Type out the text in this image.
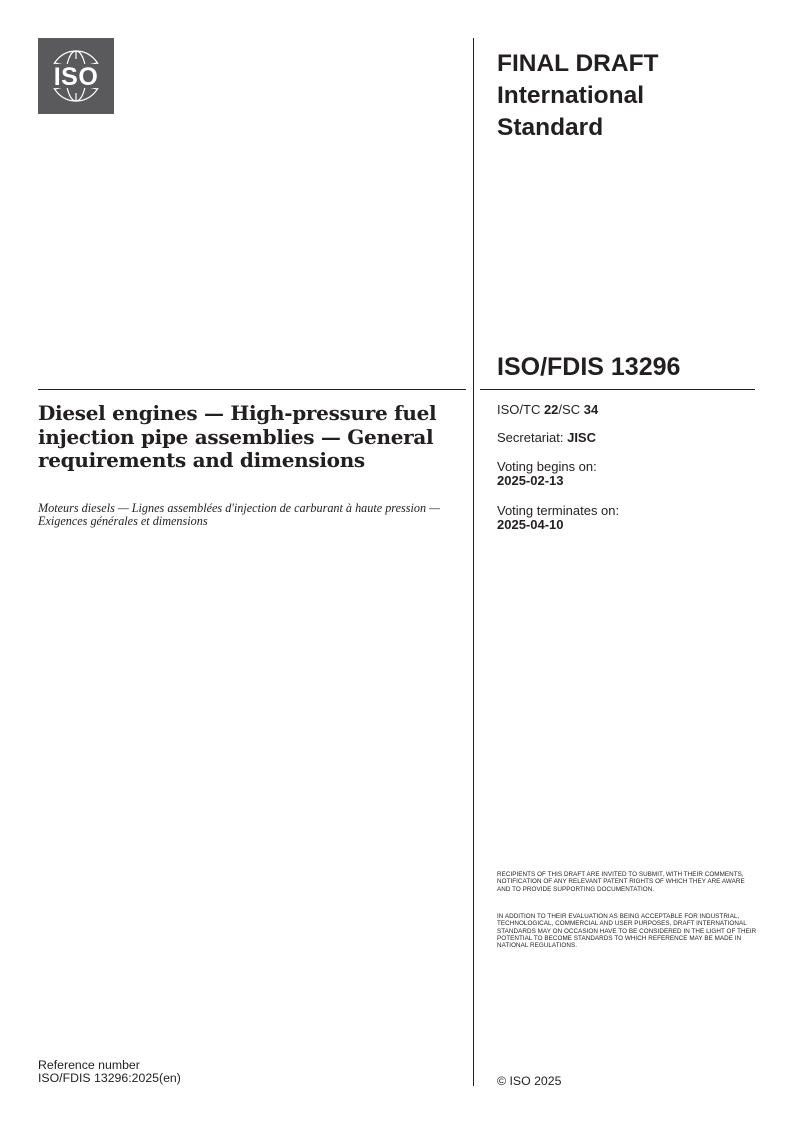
ISO	FINAL DRAFT
International
Standard
ISO/FDIS 13296
ISO/TC 22/SC 34
Secretariat: JISC
Voting begins on:
2025-02-13
Voting terminates on:
2025-04-10
Diesel engines — High-pressure fuel injection pipe assemblies — General requirements and dimensions
Moteurs diesels — Lignes assemblées d'injection de carburant à haute pression — Exigences générales et dimensions
RECIPIENTS OF THIS DRAFT ARE INVITED TO SUBMIT, WITH THEIR COMMENTS, NOTIFICATION OF ANY RELEVANT PATENT RIGHTS OF WHICH THEY ARE AWARE AND TO PROVIDE SUPPORTING DOCUMENTATION.
IN ADDITION TO THEIR EVALUATION AS BEING ACCEPTABLE FOR INDUSTRIAL, TECHNOLOGICAL, COMMERCIAL AND USER PURPOSES, DRAFT INTERNATIONAL STANDARDS MAY ON OCCASION HAVE TO BE CONSIDERED IN THE LIGHT OF THEIR POTENTIAL TO BECOME STANDARDS TO WHICH REFERENCE MAY BE MADE IN NATIONAL REGULATIONS.
Reference number
ISO/FDIS 13296:2025(en)	© ISO 2025
